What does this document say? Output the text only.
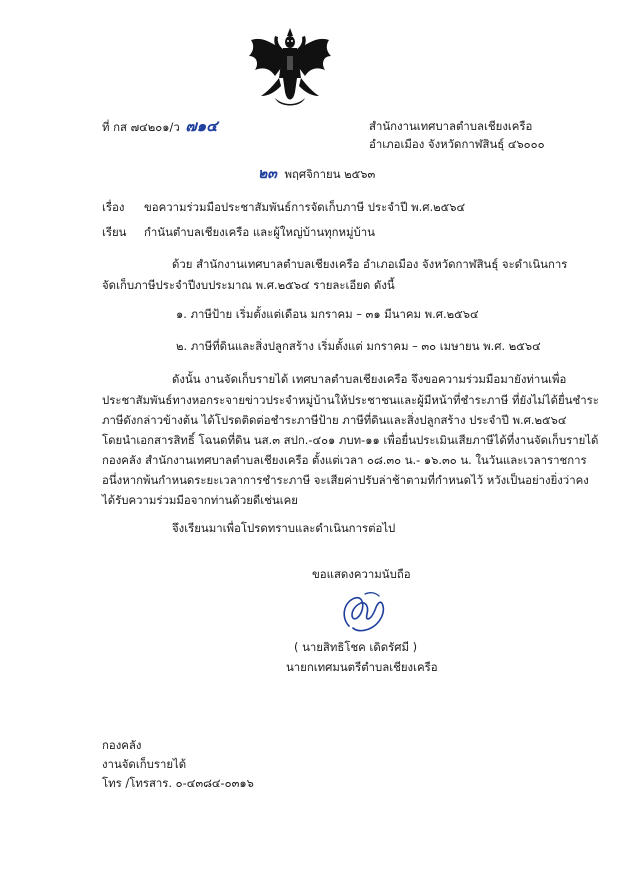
ที่ กส ๗๔๒๐๑/ว ๗๑๔	สำนักงานเทศบาลตำบลเชียงเครือ
อำเภอเมือง จังหวัดกาฬสินธุ์ ๔๖๐๐๐
๒๓ พฤศจิกายน ๒๕๖๓
เรื่อง ขอความร่วมมือประชาสัมพันธ์การจัดเก็บภาษี ประจำปี พ.ศ.๒๕๖๔
เรียน กำนันตำบลเชียงเครือ และผู้ใหญ่บ้านทุกหมู่บ้าน
ด้วย สำนักงานเทศบาลตำบลเชียงเครือ อำเภอเมือง จังหวัดกาฬสินธุ์ จะดำเนินการ
จัดเก็บภาษีประจำปีงบประมาณ พ.ศ.๒๕๖๔ รายละเอียด ดังนี้
๑. ภาษีป้าย เริ่มตั้งแต่เดือน มกราคม – ๓๑ มีนาคม พ.ศ.๒๕๖๔
๒. ภาษีที่ดินและสิ่งปลูกสร้าง เริ่มตั้งแต่ มกราคม – ๓๐ เมษายน พ.ศ. ๒๕๖๔
ดังนั้น งานจัดเก็บรายได้ เทศบาลตำบลเชียงเครือ จึงขอความร่วมมือมายังท่านเพื่อ
ประชาสัมพันธ์ทางหอกระจายข่าวประจำหมู่บ้านให้ประชาชนและผู้มีหน้าที่ชำระภาษี ที่ยังไม่ได้ยื่นชำระ
ภาษีดังกล่าวข้างต้น ได้โปรดติดต่อชำระภาษีป้าย ภาษีที่ดินและสิ่งปลูกสร้าง ประจำปี พ.ศ.๒๕๖๔
โดยนำเอกสารสิทธิ์ โฉนดที่ดิน นส.๓ สปก.-๔๐๑ ภบท-๑๑ เพื่อยื่นประเมินเสียภาษีได้ที่งานจัดเก็บรายได้
กองคลัง สำนักงานเทศบาลตำบลเชียงเครือ ตั้งแต่เวลา ๐๘.๓๐ น.- ๑๖.๓๐ น. ในวันและเวลาราชการ
อนึ่งหากพ้นกำหนดระยะเวลาการชำระภาษี จะเสียค่าปรับล่าช้าตามที่กำหนดไว้ หวังเป็นอย่างยิ่งว่าคง
ได้รับความร่วมมือจากท่านด้วยดีเช่นเคย
จึงเรียนมาเพื่อโปรดทราบและดำเนินการต่อไป
ขอแสดงความนับถือ
( นายสิทธิโชค เดิดรัศมี )
นายกเทศมนตรีตำบลเชียงเครือ
กองคลัง
งานจัดเก็บรายได้
โทร /โทรสาร. ๐-๔๓๘๔-๐๓๑๖
